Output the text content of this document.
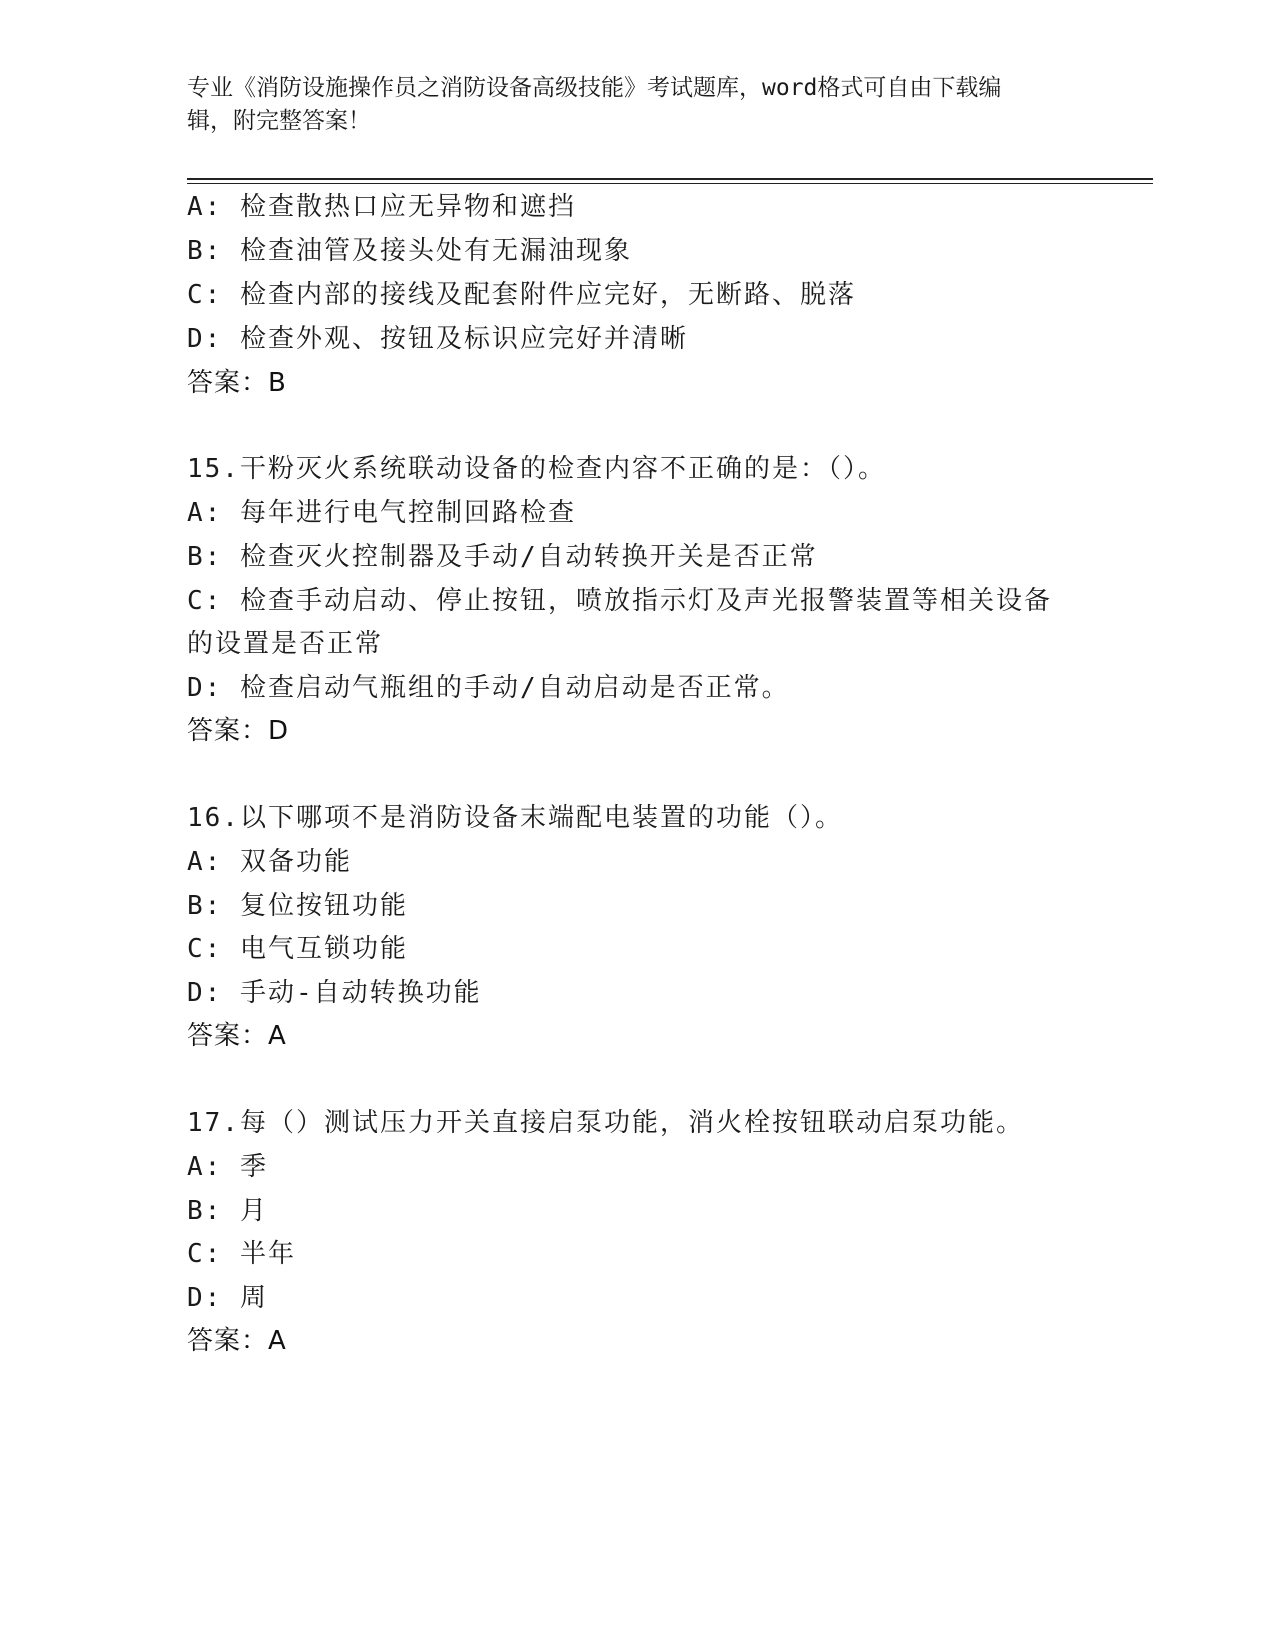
专业《消防设施操作员之消防设备高级技能》考试题库，word格式可自由下载编
辑，附完整答案！
A: 检查散热口应无异物和遮挡
B: 检查油管及接头处有无漏油现象
C: 检查内部的接线及配套附件应完好，无断路、脱落
D: 检查外观、按钮及标识应完好并清晰
答案：B
15.干粉灭火系统联动设备的检查内容不正确的是：（）。
A: 每年进行电气控制回路检查
B: 检查灭火控制器及手动/自动转换开关是否正常
C: 检查手动启动、停止按钮，喷放指示灯及声光报警装置等相关设备
的设置是否正常
D: 检查启动气瓶组的手动/自动启动是否正常。
答案：D
16.以下哪项不是消防设备末端配电装置的功能（）。
A: 双备功能
B: 复位按钮功能
C: 电气互锁功能
D: 手动-自动转换功能
答案：A
17.每（）测试压力开关直接启泵功能，消火栓按钮联动启泵功能。
A: 季
B: 月
C: 半年
D: 周
答案：A
